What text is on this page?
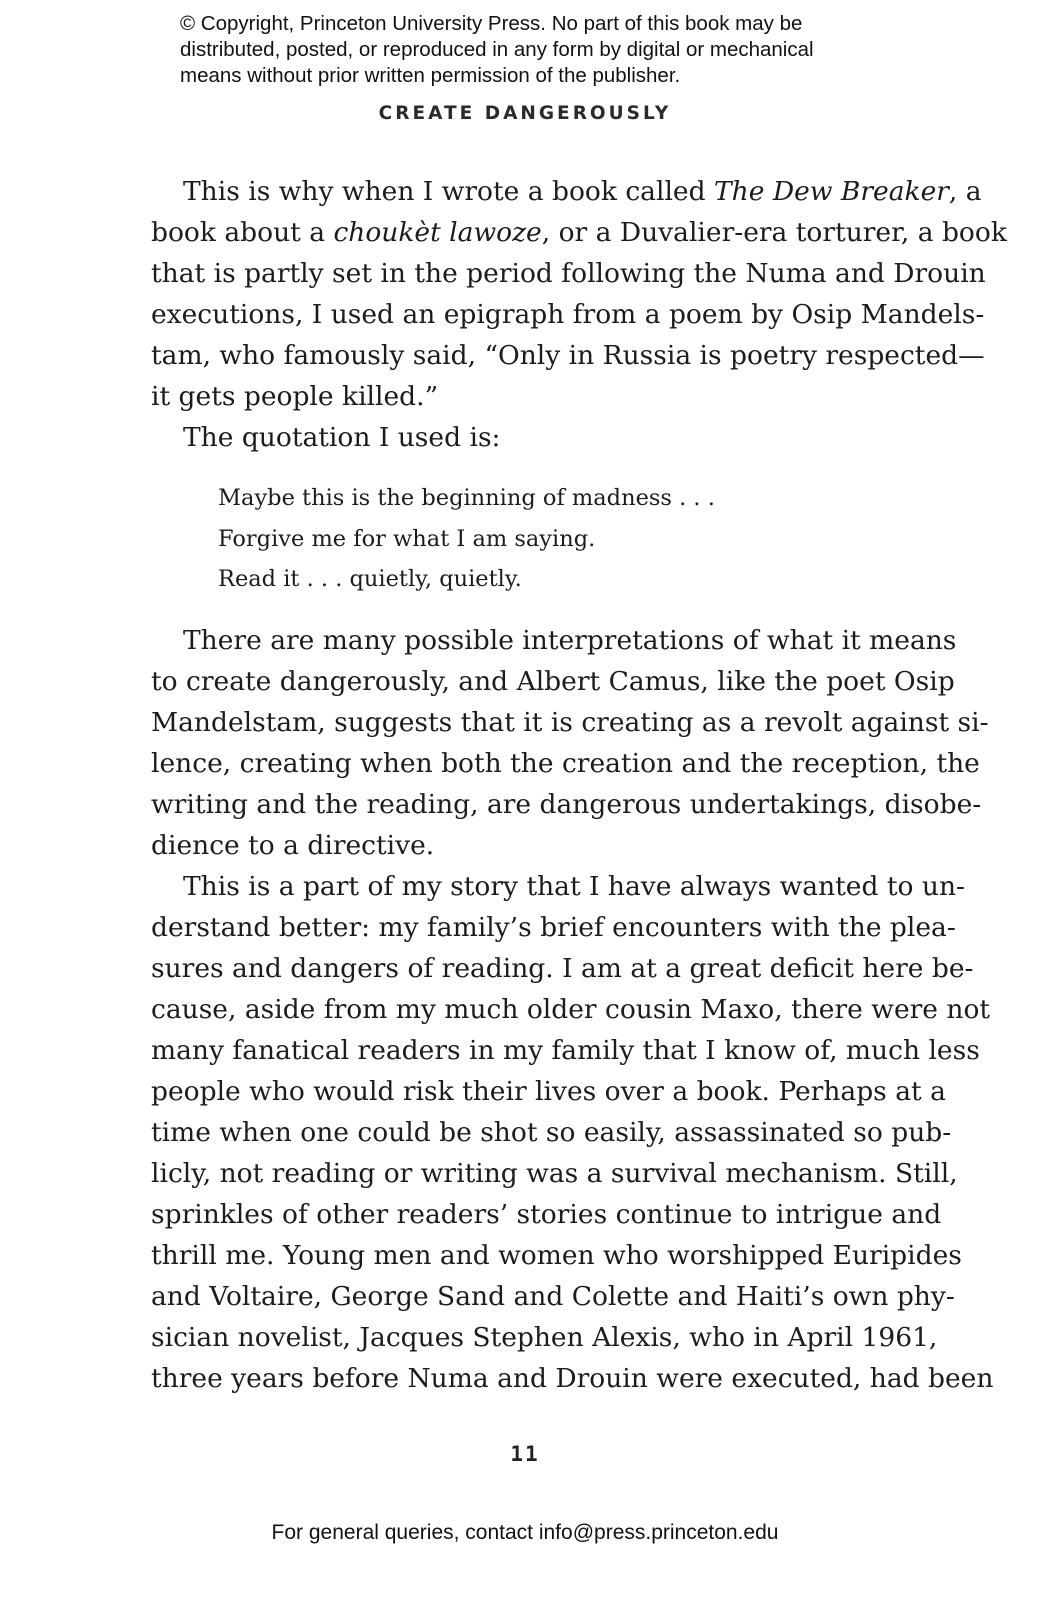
© Copyright, Princeton University Press. No part of this book may be
distributed, posted, or reproduced in any form by digital or mechanical
means without prior written permission of the publisher.
CREATE DANGEROUSLY
This is why when I wrote a book called The Dew Breaker, a
book about a choukèt lawoze, or a Duvalier-era torturer, a book
that is partly set in the period following the Numa and Drouin
executions, I used an epigraph from a poem by Osip Mandels-
tam, who famously said, “Only in Russia is poetry respected—
it gets people killed.”
The quotation I used is:
Maybe this is the beginning of madness . . .
Forgive me for what I am saying.
Read it . . . quietly, quietly.
There are many possible interpretations of what it means
to create dangerously, and Albert Camus, like the poet Osip
Mandelstam, suggests that it is creating as a revolt against si-
lence, creating when both the creation and the reception, the
writing and the reading, are dangerous undertakings, disobe-
dience to a directive.
This is a part of my story that I have always wanted to un-
derstand better: my family’s brief encounters with the plea-
sures and dangers of reading. I am at a great deficit here be-
cause, aside from my much older cousin Maxo, there were not
many fanatical readers in my family that I know of, much less
people who would risk their lives over a book. Perhaps at a
time when one could be shot so easily, assassinated so pub-
licly, not reading or writing was a survival mechanism. Still,
sprinkles of other readers’ stories continue to intrigue and
thrill me. Young men and women who worshipped Euripides
and Voltaire, George Sand and Colette and Haiti’s own phy-
sician novelist, Jacques Stephen Alexis, who in April 1961,
three years before Numa and Drouin were executed, had been
11
For general queries, contact info@press.princeton.edu
